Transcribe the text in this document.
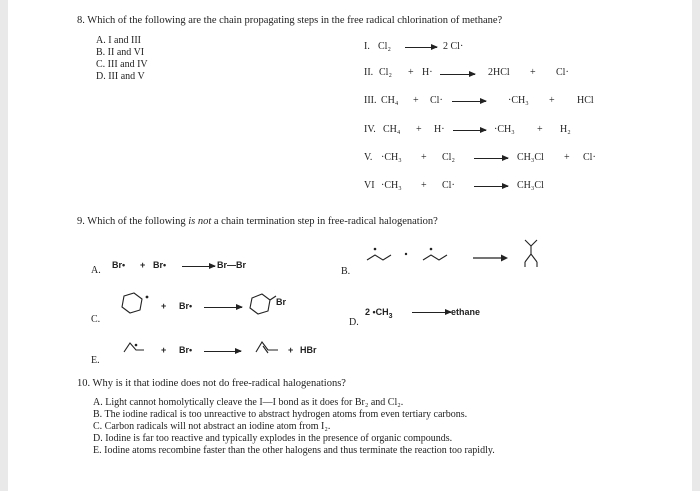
8. Which of the following are the chain propagating steps in the free radical chlorination of methane?
A. I and III
B. II and VI
C. III and IV
D. III and V
I. Cl₂	2 Cl·
II. Cl₂ + H·	2HCl + Cl·
III. CH₄ + Cl·	·CH₃ + HCl
IV. CH₄ + H·	·CH₃ + H₂
V. ·CH₃ + Cl₂	CH₃Cl + Cl·
VI ·CH₃ + Cl·	CH₃Cl
9. Which of the following is not a chain termination step in free-radical halogenation?
A. Br• + Br•	Br—Br
B.
C.
+ Br•	Br
D.
2 $•CH_3$	ethane
E.
+ Br•	+ HBr
10. Why is it that iodine does not do free-radical halogenations?
A. Light cannot homolytically cleave the I—I bond as it does for Br₂ and Cl₂.
B. The iodine radical is too unreactive to abstract hydrogen atoms from even tertiary carbons.
C. Carbon radicals will not abstract an iodine atom from I₂.
D. Iodine is far too reactive and typically explodes in the presence of organic compounds.
E. Iodine atoms recombine faster than the other halogens and thus terminate the reaction too rapidly.
